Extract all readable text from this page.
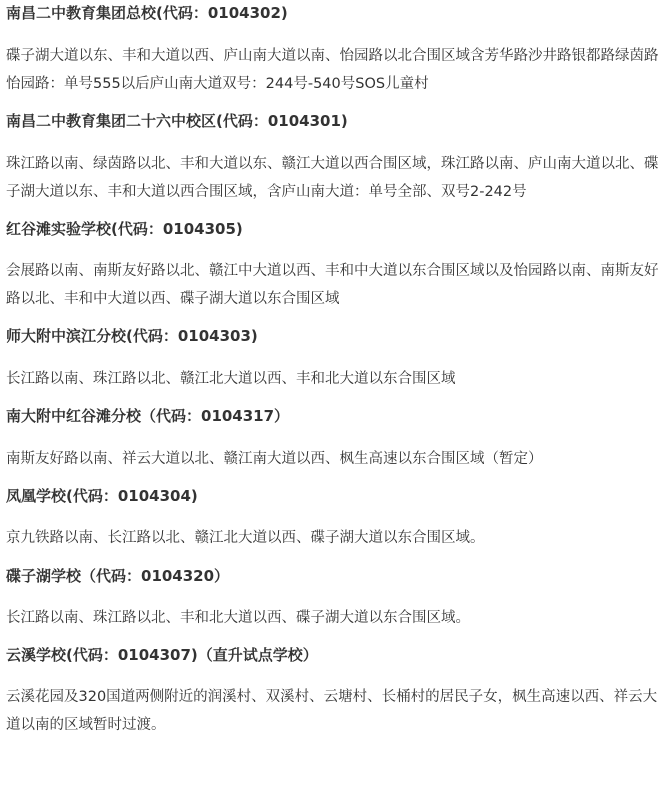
南昌二中教育集团总校(代码：0104302)

碟子湖大道以东、丰和大道以西、庐山南大道以南、怡园路以北合围区域含芳华路沙井路银都路绿茵路怡园路：单号555以后庐山南大道双号：244号-540号SOS儿童村

南昌二中教育集团二十六中校区(代码：0104301)

珠江路以南、绿茵路以北、丰和大道以东、赣江大道以西合围区域，珠江路以南、庐山南大道以北、碟子湖大道以东、丰和大道以西合围区域，含庐山南大道：单号全部、双号2-242号

红谷滩实验学校(代码：0104305)

会展路以南、南斯友好路以北、赣江中大道以西、丰和中大道以东合围区域以及怡园路以南、南斯友好路以北、丰和中大道以西、碟子湖大道以东合围区域

师大附中滨江分校(代码：0104303)

长江路以南、珠江路以北、赣江北大道以西、丰和北大道以东合围区域

南大附中红谷滩分校（代码：0104317）

南斯友好路以南、祥云大道以北、赣江南大道以西、枫生高速以东合围区域（暂定）

凤凰学校(代码：0104304)

京九铁路以南、长江路以北、赣江北大道以西、碟子湖大道以东合围区域。

碟子湖学校（代码：0104320）

长江路以南、珠江路以北、丰和北大道以西、碟子湖大道以东合围区域。

云溪学校(代码：0104307)（直升试点学校）

云溪花园及320国道两侧附近的润溪村、双溪村、云塘村、长桶村的居民子女，枫生高速以西、祥云大道以南的区域暂时过渡。
